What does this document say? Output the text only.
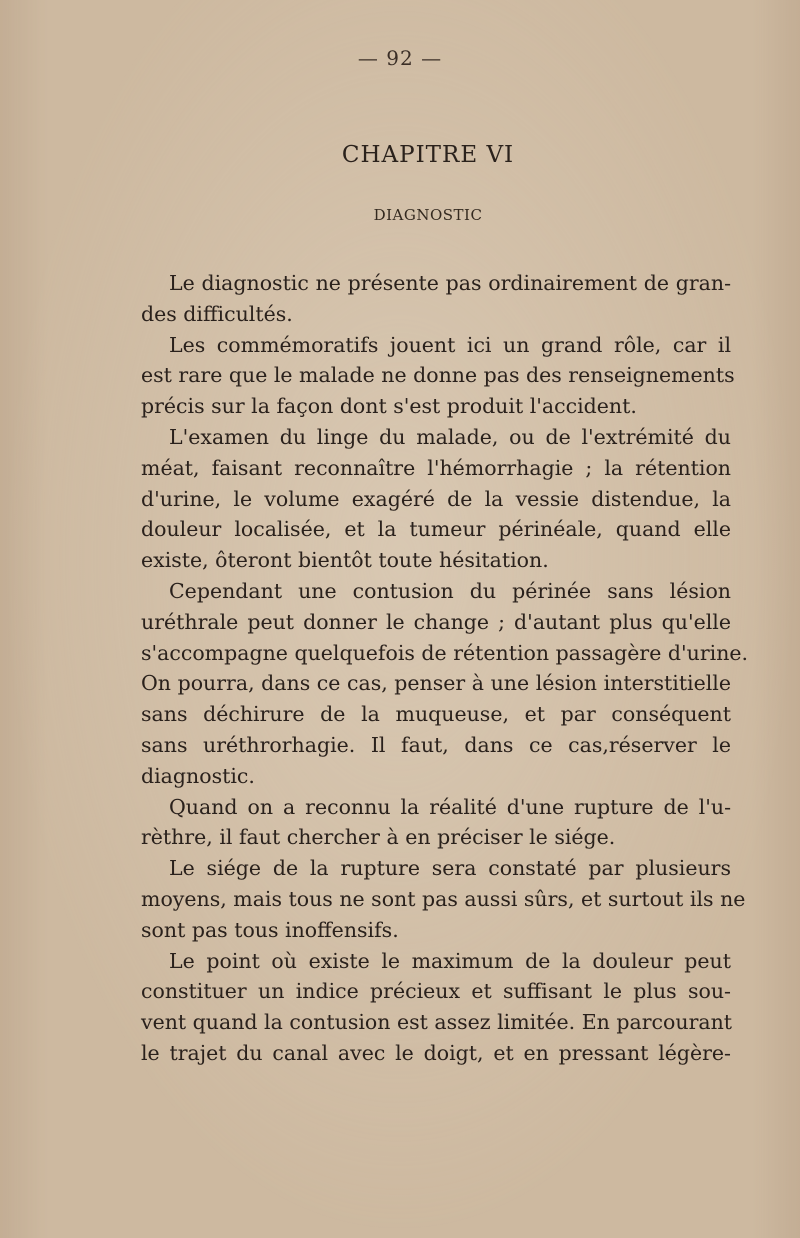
— 92 —
CHAPITRE VI
DIAGNOSTIC
Le diagnostic ne présente pas ordinairement de gran-
des difficultés.
Les commémoratifs jouent ici un grand rôle, car il
est rare que le malade ne donne pas des renseignements
précis sur la façon dont s'est produit l'accident.
L'examen du linge du malade, ou de l'extrémité du
méat, faisant reconnaître l'hémorrhagie ; la rétention
d'urine, le volume exagéré de la vessie distendue, la
douleur localisée, et la tumeur périnéale, quand elle
existe, ôteront bientôt toute hésitation.
Cependant une contusion du périnée sans lésion
uréthrale peut donner le change ; d'autant plus qu'elle
s'accompagne quelquefois de rétention passagère d'urine.
On pourra, dans ce cas, penser à une lésion interstitielle
sans déchirure de la muqueuse, et par conséquent
sans uréthrorhagie. Il faut, dans ce cas,réserver le
diagnostic.
Quand on a reconnu la réalité d'une rupture de l'u-
rèthre, il faut chercher à en préciser le siége.
Le siége de la rupture sera constaté par plusieurs
moyens, mais tous ne sont pas aussi sûrs, et surtout ils ne
sont pas tous inoffensifs.
Le point où existe le maximum de la douleur peut
constituer un indice précieux et suffisant le plus sou-
vent quand la contusion est assez limitée. En parcourant
le trajet du canal avec le doigt, et en pressant légère-
